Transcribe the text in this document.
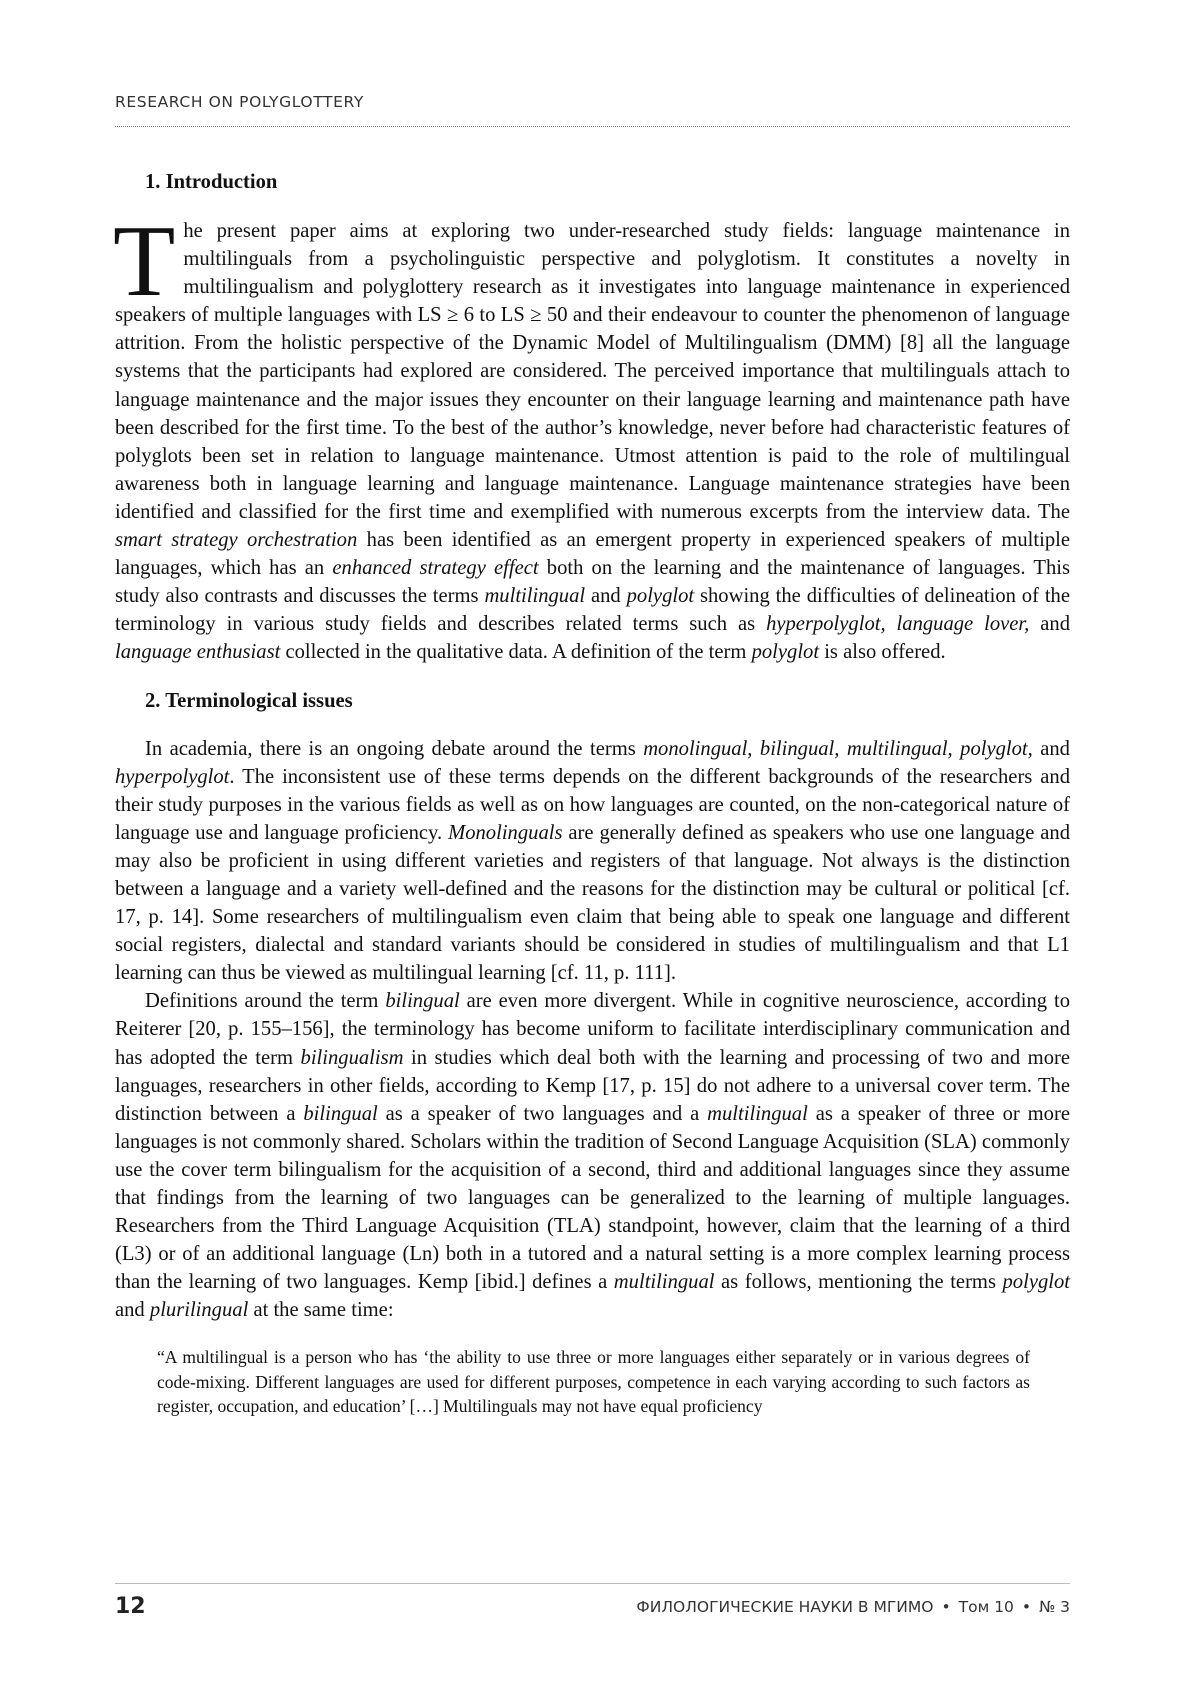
RESEARCH ON POLYGLOTTERY
1. Introduction

The present paper aims at exploring two under-researched study fields: language maintenance in multilinguals from a psycholinguistic perspective and polyglotism. It constitutes a novelty in multilingualism and polyglottery research as it investigates into language maintenance in experienced speakers of multiple languages with LS ≥ 6 to LS ≥ 50 and their endeavour to counter the phenomenon of language attrition. From the holistic perspective of the Dynamic Model of Multilingualism (DMM) [8] all the language systems that the participants had explored are considered. The perceived importance that multilinguals attach to language maintenance and the major issues they encounter on their language learning and maintenance path have been described for the first time. To the best of the author’s knowledge, never before had characteristic features of polyglots been set in relation to language maintenance. Utmost attention is paid to the role of multilingual awareness both in language learning and language maintenance. Language maintenance strategies have been identified and classified for the first time and exemplified with numerous excerpts from the interview data. The smart strategy orchestration has been identified as an emergent property in experienced speakers of multiple languages, which has an enhanced strategy effect both on the learning and the maintenance of languages. This study also contrasts and discusses the terms multilingual and polyglot showing the difficulties of delineation of the terminology in various study fields and describes related terms such as hyperpolyglot, language lover, and language enthusiast collected in the qualitative data. A definition of the term polyglot is also offered.

2. Terminological issues

In academia, there is an ongoing debate around the terms monolingual, bilingual, multilingual, polyglot, and hyperpolyglot. The inconsistent use of these terms depends on the different backgrounds of the researchers and their study purposes in the various fields as well as on how languages are counted, on the non-categorical nature of language use and language proficiency. Monolinguals are generally defined as speakers who use one language and may also be proficient in using different varieties and registers of that language. Not always is the distinction between a language and a variety well-defined and the reasons for the distinction may be cultural or political [cf. 17, p. 14]. Some researchers of multilingualism even claim that being able to speak one language and different social registers, dialectal and standard variants should be considered in studies of multilingualism and that L1 learning can thus be viewed as multilingual learning [cf. 11, p. 111].

Definitions around the term bilingual are even more divergent. While in cognitive neuroscience, according to Reiterer [20, p. 155–156], the terminology has become uniform to facilitate interdisciplinary communication and has adopted the term bilingualism in studies which deal both with the learning and processing of two and more languages, researchers in other fields, according to Kemp [17, p. 15] do not adhere to a universal cover term. The distinction between a bilingual as a speaker of two languages and a multilingual as a speaker of three or more languages is not commonly shared. Scholars within the tradition of Second Language Acquisition (SLA) commonly use the cover term bilingualism for the acquisition of a second, third and additional languages since they assume that findings from the learning of two languages can be generalized to the learning of multiple languages. Researchers from the Third Language Acquisition (TLA) standpoint, however, claim that the learning of a third (L3) or of an additional language (Ln) both in a tutored and a natural setting is a more complex learning process than the learning of two languages. Kemp [ibid.] defines a multilingual as follows, mentioning the terms polyglot and plurilingual at the same time:

“A multilingual is a person who has ‘the ability to use three or more languages either separately or in various degrees of code-mixing. Different languages are used for different purposes, competence in each varying according to such factors as register, occupation, and education’ […] Multilinguals may not have equal proficiency

12	ФИЛОЛОГИЧЕСКИЕ НАУКИ В МГИМО • Том 10 • № 3
